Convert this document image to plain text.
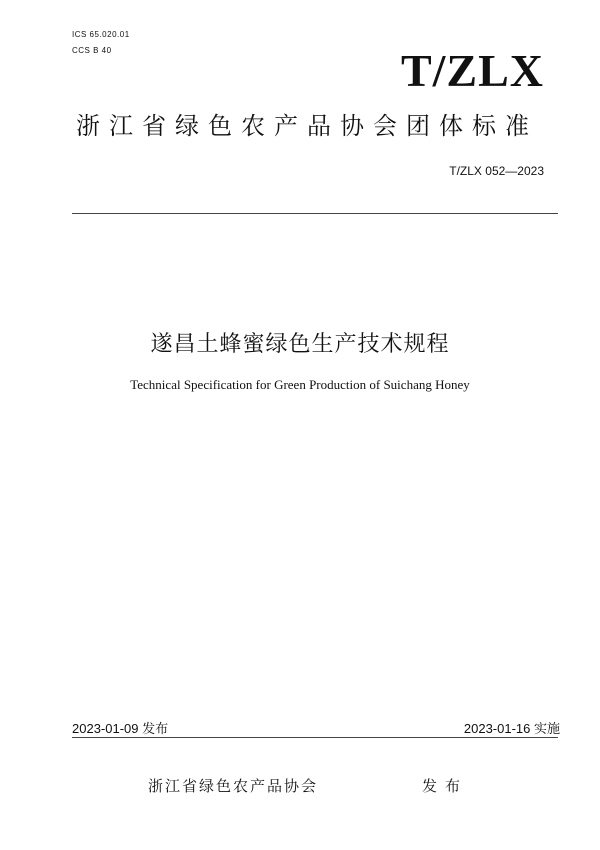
ICS 65.020.01
CCS B 40	T/ZLX
浙江省绿色农产品协会团体标准
T/ZLX 052—2023
遂昌土蜂蜜绿色生产技术规程
Technical Specification for Green Production of Suichang Honey
2023-01-09 发布	2023-01-16 实施
浙江省绿色农产品协会	发布
